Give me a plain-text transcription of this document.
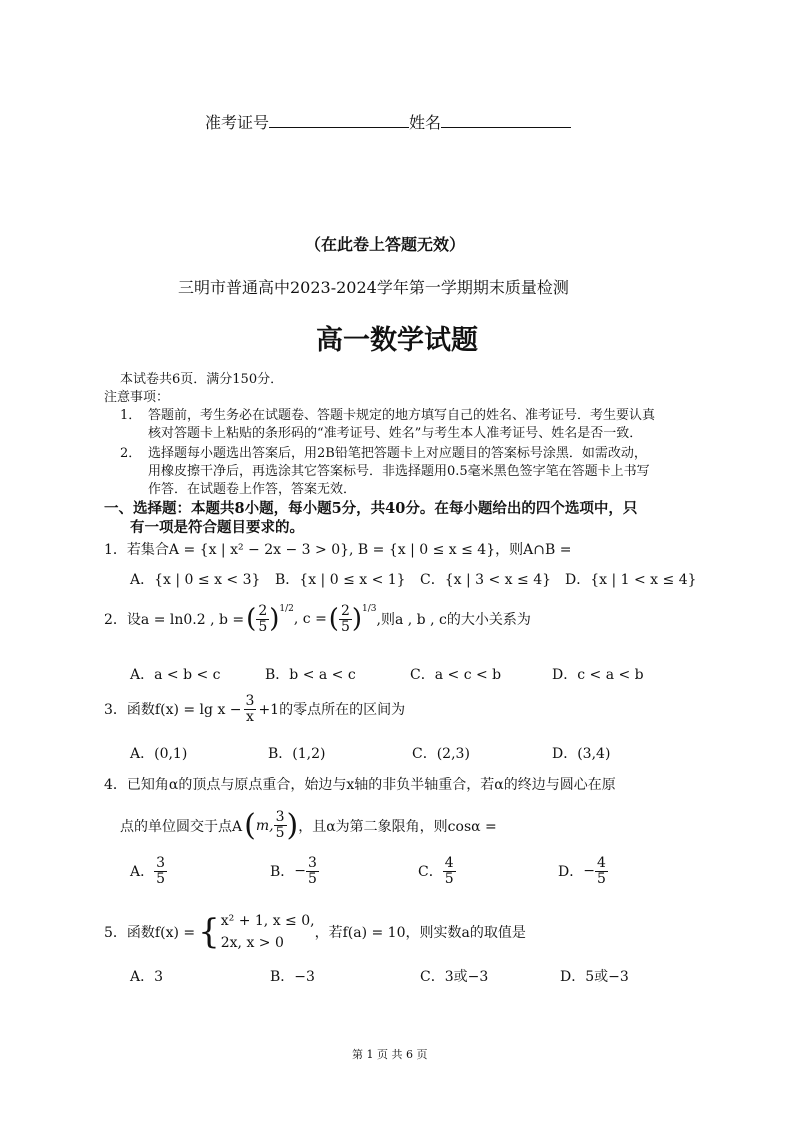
准考证号	姓名
（在此卷上答题无效）
三明市普通高中2023-2024学年第一学期期末质量检测
高一数学试题
本试卷共6页．满分150分．
注意事项：
1． 答题前，考生务必在试题卷、答题卡规定的地方填写自己的姓名、准考证号．考生要认真
核对答题卡上粘贴的条形码的“准考证号、姓名”与考生本人准考证号、姓名是否一致．
2． 选择题每小题选出答案后，用2B铅笔把答题卡上对应题目的答案标号涂黑．如需改动，
用橡皮擦干净后，再选涂其它答案标号．非选择题用0.5毫米黑色签字笔在答题卡上书写
作答．在试题卷上作答，答案无效．
一、选择题：本题共8小题，每小题5分，共40分。在每小题给出的四个选项中，只
有一项是符合题目要求的。
1．若集合A = {x | x² − 2x − 3 > 0}, B = {x | 0 ≤ x ≤ 4}，则A∩B =
A．{x | 0 ≤ x < 3} B．{x | 0 ≤ x < 1} C．{x | 3 < x ≤ 4} D．{x | 1 < x ≤ 4}
2． 设a = ln0.2 , b = ( $\frac{2}{5}$ ) 1/2
, c = ( $\frac{2}{5}$ ) 1/3
,则a , b , c的大小关系为
A．a < b < c	B．b < a < c	C．a < c < b	D．c < a < b
3． 函数$f(x) = \lg x - \frac{3}{x} +1$的零点所在的区间为
A．(0,1)	B．(1,2)	C．(2,3)	D．(3,4)
4．已知角α的顶点与原点重合，始边与x轴的非负半轴重合，若α的终边与圆心在原
点的单位圆交于点A ( m, $\frac{3}{5}$ ) ，且α为第二象限角，则cosα =
A． $\frac{3}{5}$	B． − $\frac{3}{5}$	C． $\frac{4}{5}$	D． − $\frac{4}{5}$
5． 函数f(x) = { x² + 1, x ≤ 0,
2x, x > 0
，若f(a) = 10，则实数a的取值是
A．3	B．−3	C．3或−3	D．5或−3
第 1 页 共 6 页
